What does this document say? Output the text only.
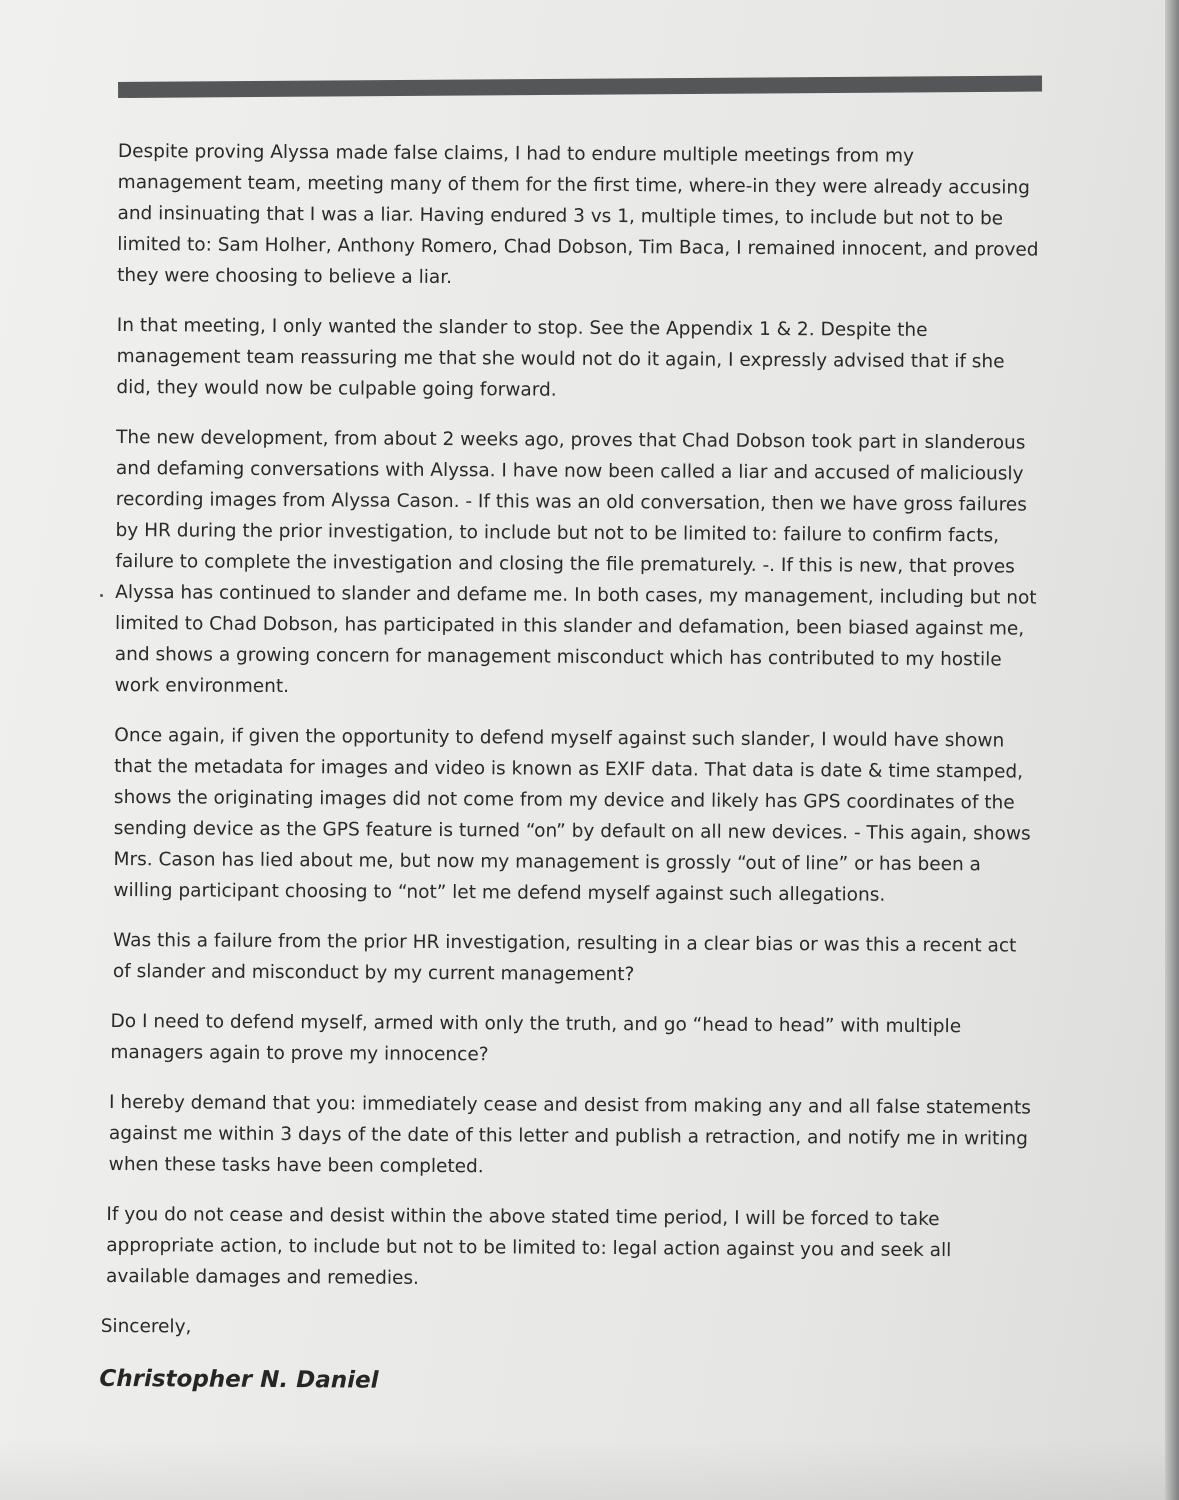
Despite proving Alyssa made false claims, I had to endure multiple meetings from my management team, meeting many of them for the first time, where-in they were already accusing and insinuating that I was a liar. Having endured 3 vs 1, multiple times, to include but not to be limited to: Sam Holher, Anthony Romero, Chad Dobson, Tim Baca, I remained innocent, and proved they were choosing to believe a liar.

In that meeting, I only wanted the slander to stop. See the Appendix 1 & 2. Despite the management team reassuring me that she would not do it again, I expressly advised that if she did, they would now be culpable going forward.

The new development, from about 2 weeks ago, proves that Chad Dobson took part in slanderous and defaming conversations with Alyssa. I have now been called a liar and accused of maliciously recording images from Alyssa Cason. - If this was an old conversation, then we have gross failures by HR during the prior investigation, to include but not to be limited to: failure to confirm facts, failure to complete the investigation and closing the file prematurely. -. If this is new, that proves Alyssa has continued to slander and defame me. In both cases, my management, including but not limited to Chad Dobson, has participated in this slander and defamation, been biased against me, and shows a growing concern for management misconduct which has contributed to my hostile work environment.

Once again, if given the opportunity to defend myself against such slander, I would have shown that the metadata for images and video is known as EXIF data. That data is date & time stamped, shows the originating images did not come from my device and likely has GPS coordinates of the sending device as the GPS feature is turned “on” by default on all new devices. - This again, shows Mrs. Cason has lied about me, but now my management is grossly “out of line” or has been a willing participant choosing to “not” let me defend myself against such allegations.

Was this a failure from the prior HR investigation, resulting in a clear bias or was this a recent act of slander and misconduct by my current management?

Do I need to defend myself, armed with only the truth, and go “head to head” with multiple managers again to prove my innocence?

I hereby demand that you: immediately cease and desist from making any and all false statements against me within 3 days of the date of this letter and publish a retraction, and notify me in writing when these tasks have been completed.

If you do not cease and desist within the above stated time period, I will be forced to take appropriate action, to include but not to be limited to: legal action against you and seek all available damages and remedies.

Sincerely,
Christopher N. Daniel
